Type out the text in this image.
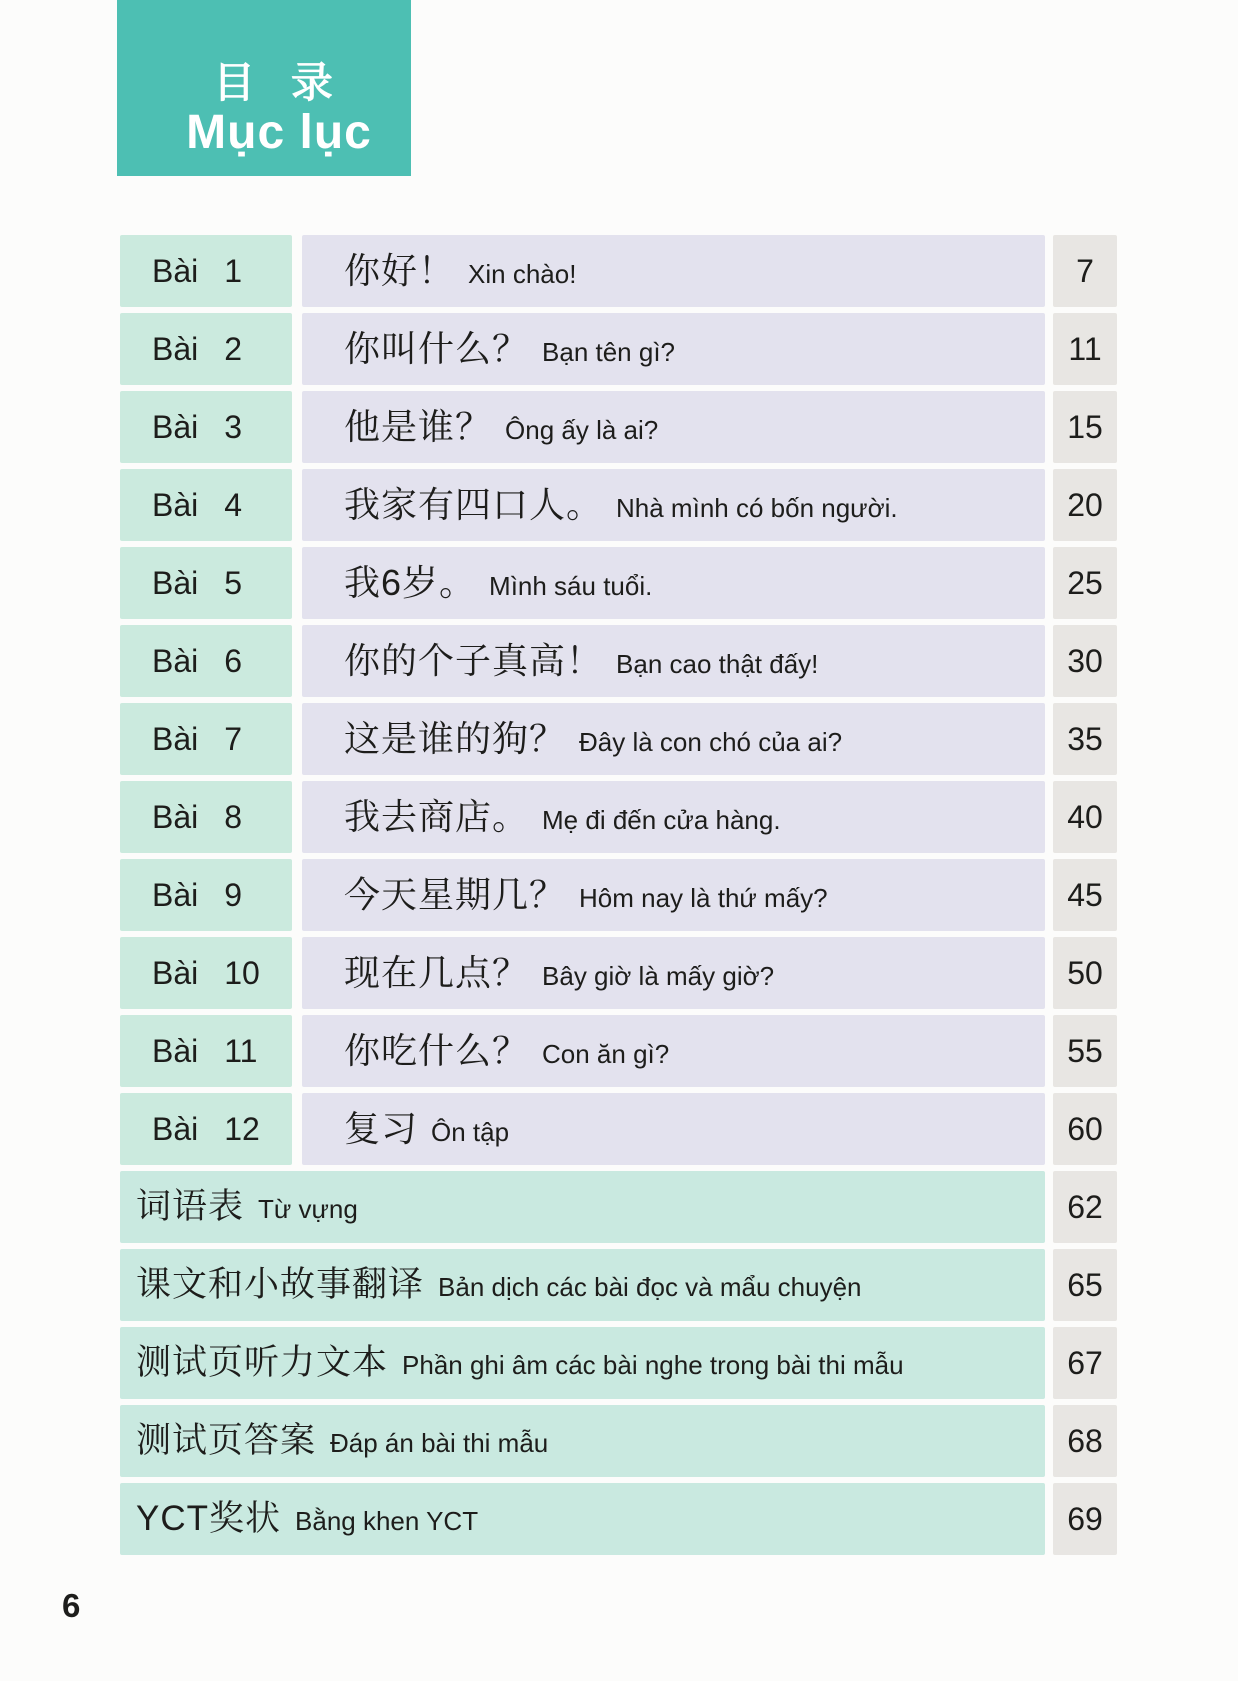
目 录
Mục lục
Bài 1	你好！ Xin chào!	7
Bài 2	你叫什么？ Bạn tên gì?	11
Bài 3	他是谁？ Ông ấy là ai?	15
Bài 4	我家有四口人。 Nhà mình có bốn người.	20
Bài 5	我6岁。 Mình sáu tuổi.	25
Bài 6	你的个子真高！ Bạn cao thật đấy!	30
Bài 7	这是谁的狗？ Đây là con chó của ai?	35
Bài 8	我去商店。 Mẹ đi đến cửa hàng.	40
Bài 9	今天星期几？ Hôm nay là thứ mấy?	45
Bài 10	现在几点？ Bây giờ là mấy giờ?	50
Bài 11	你吃什么？ Con ăn gì?	55
Bài 12	复习 Ôn tập	60
词语表 Từ vựng	62
课文和小故事翻译 Bản dịch các bài đọc và mẩu chuyện	65
测试页听力文本 Phần ghi âm các bài nghe trong bài thi mẫu	67
测试页答案 Đáp án bài thi mẫu	68
YCT奖状 Bằng khen YCT	69
6
